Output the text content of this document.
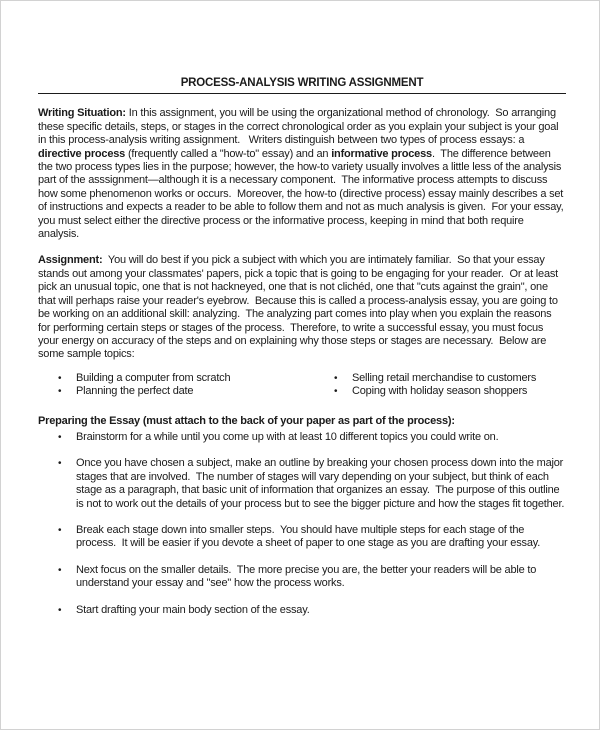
PROCESS-ANALYSIS WRITING ASSIGNMENT

Writing Situation: In this assignment, you will be using the organizational method of chronology.  So arranging these specific details, steps, or stages in the correct chronological order as you explain your subject is your goal in this process-analysis writing assignment.   Writers distinguish between two types of process essays: a directive process (frequently called a "how-to" essay) and an informative process.  The difference between the two process types lies in the purpose; however, the how-to variety usually involves a little less of the analysis part of the asssignment—although it is a necessary component.  The informative process attempts to discuss how some phenomenon works or occurs.  Moreover, the how-to (directive process) essay mainly describes a set of instructions and expects a reader to be able to follow them and not as much analysis is given.  For your essay, you must select either the directive process or the informative process, keeping in mind that both require analysis.

Assignment:  You will do best if you pick a subject with which you are intimately familiar.  So that your essay stands out among your classmates' papers, pick a topic that is going to be engaging for your reader.  Or at least pick an unusual topic, one that is not hackneyed, one that is not clichéd, one that "cuts against the grain", one that will perhaps raise your reader's eyebrow.  Because this is called a process-analysis essay, you are going to be working on an additional skill: analyzing.  The analyzing part comes into play when you explain the reasons for performing certain steps or stages of the process.  Therefore, to write a successful essay, you must focus your energy on accuracy of the steps and on explaining why those steps or stages are necessary.  Below are some sample topics:

•	Building a computer from scratch
•	Planning the perfect date
•	Selling retail merchandise to customers
•	Coping with holiday season shoppers

Preparing the Essay (must attach to the back of your paper as part of the process):

•	Brainstorm for a while until you come up with at least 10 different topics you could write on.
•	Once you have chosen a subject, make an outline by breaking your chosen process down into the major stages that are involved.  The number of stages will vary depending on your subject, but think of each stage as a paragraph, that basic unit of information that organizes an essay.  The purpose of this outline is not to work out the details of your process but to see the bigger picture and how the stages fit together.
•	Break each stage down into smaller steps.  You should have multiple steps for each stage of the process.  It will be easier if you devote a sheet of paper to one stage as you are drafting your essay.
•	Next focus on the smaller details.  The more precise you are, the better your readers will be able to understand your essay and "see" how the process works.
•	Start drafting your main body section of the essay.
